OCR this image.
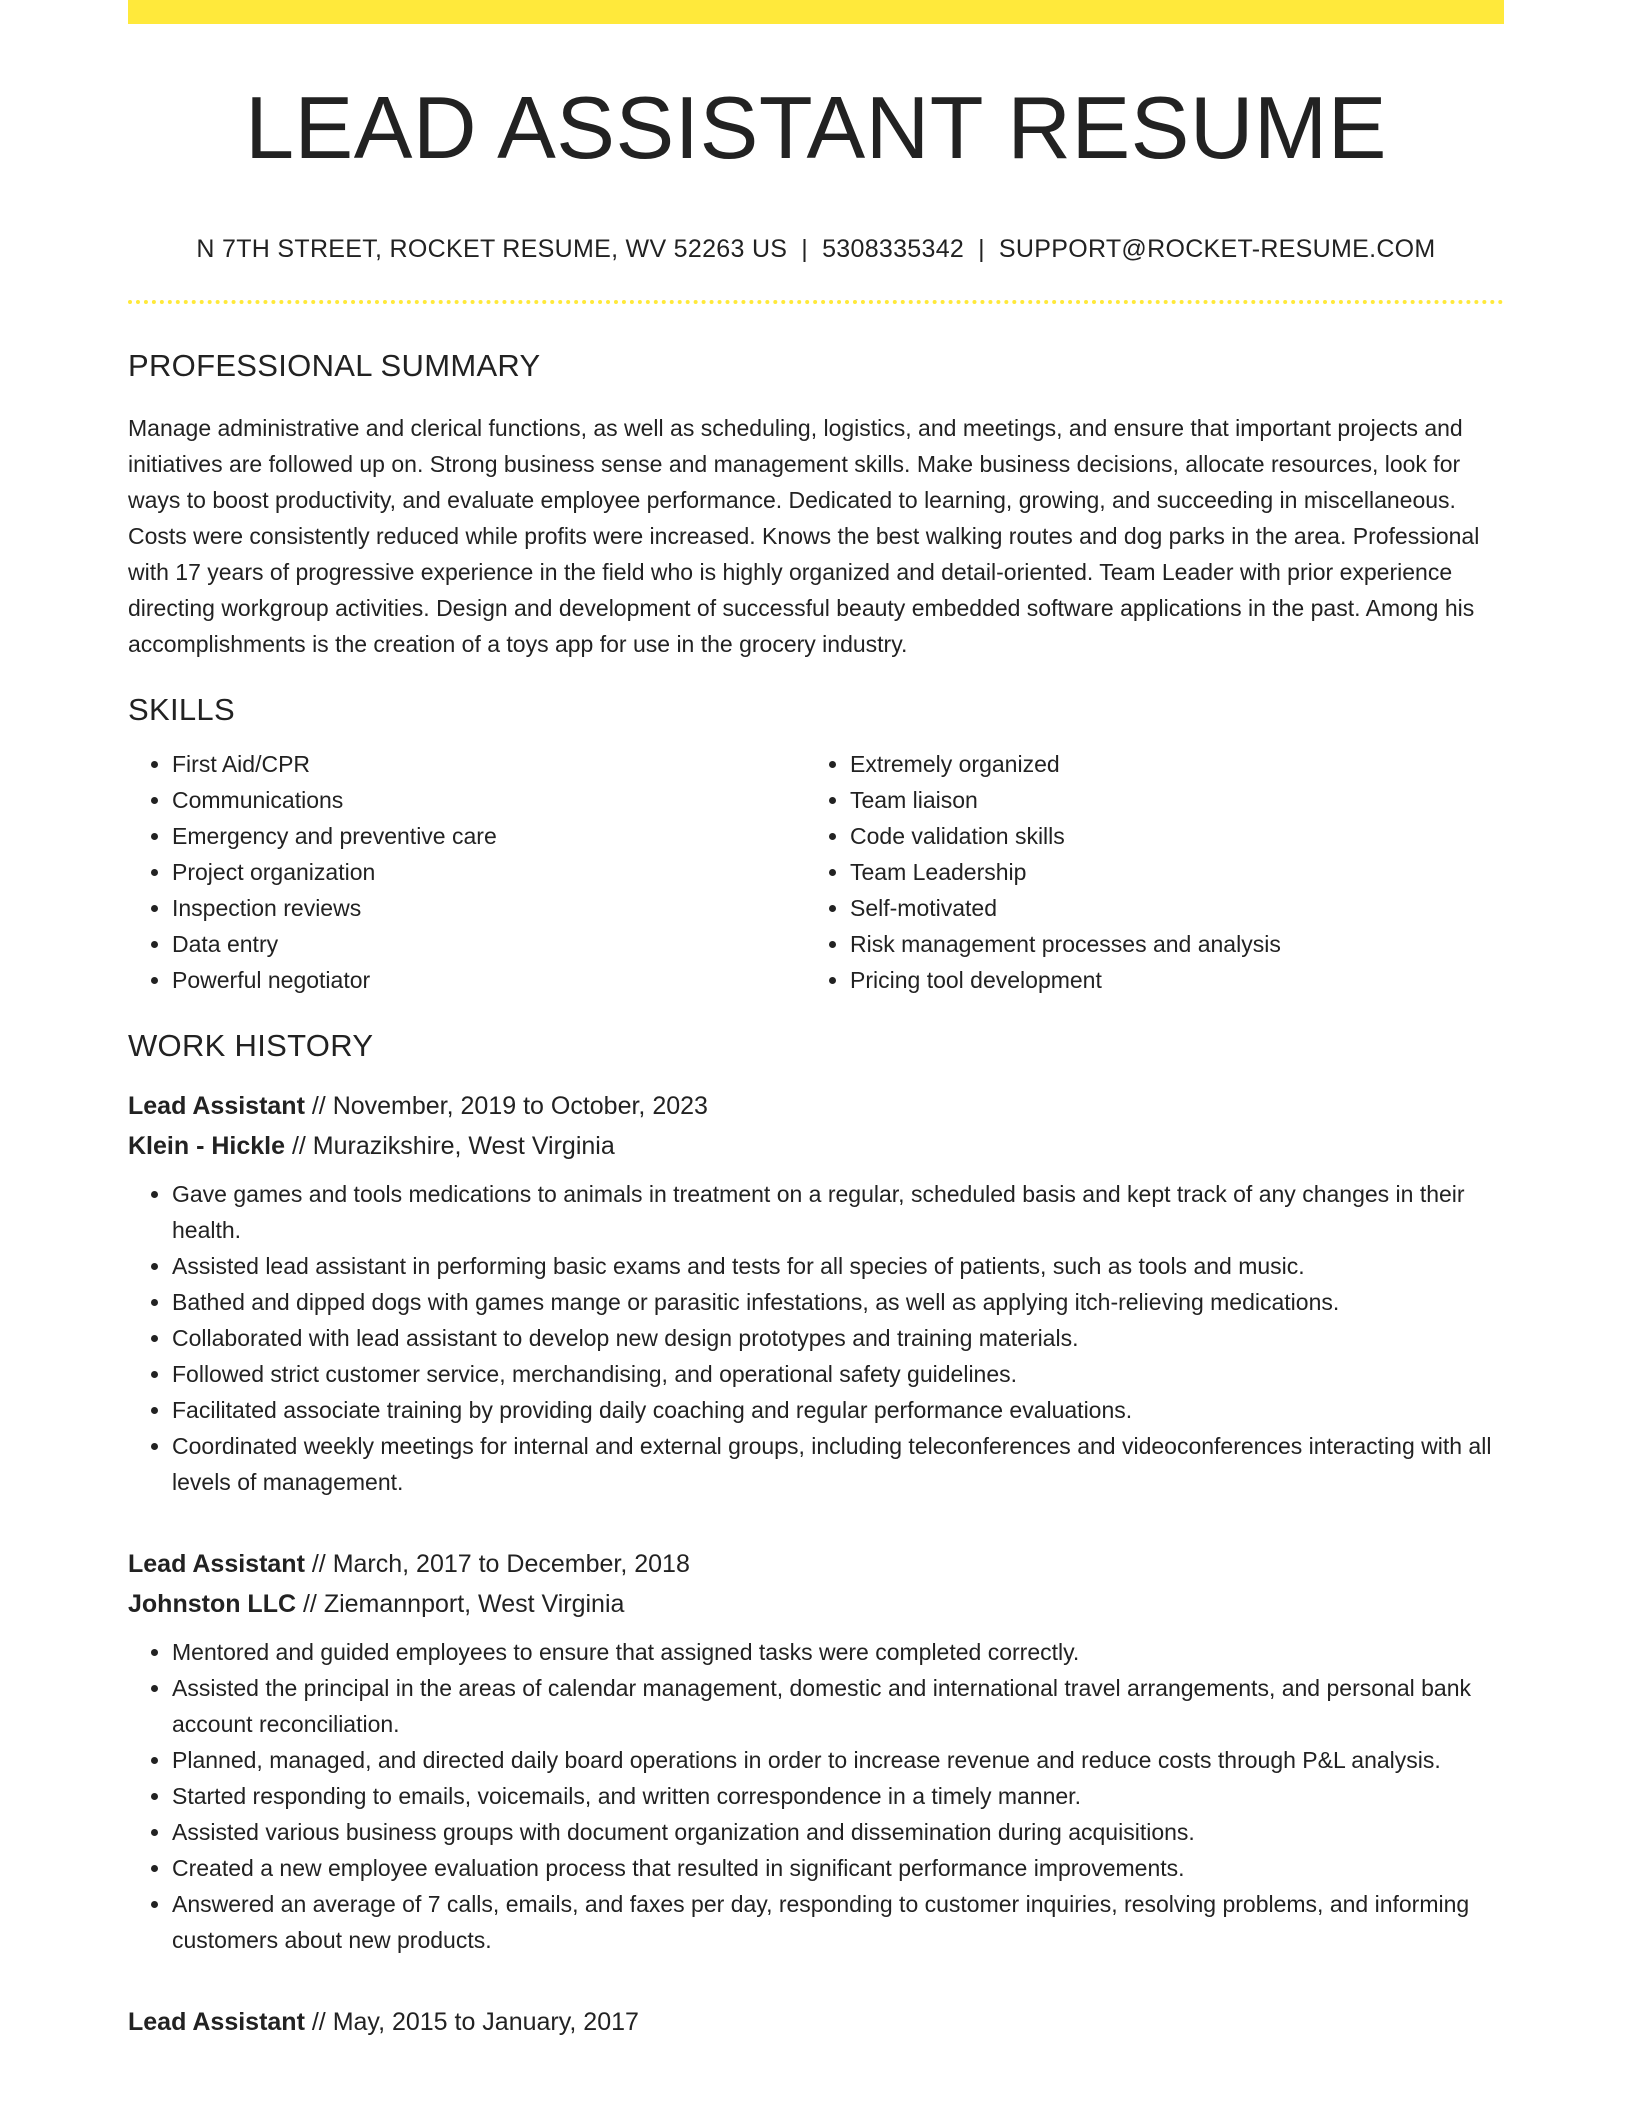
LEAD ASSISTANT RESUME
N 7TH STREET, ROCKET RESUME, WV 52263 US | 5308335342 | SUPPORT@ROCKET-RESUME.COM
PROFESSIONAL SUMMARY
Manage administrative and clerical functions, as well as scheduling, logistics, and meetings, and ensure that important projects and initiatives are followed up on. Strong business sense and management skills. Make business decisions, allocate resources, look for ways to boost productivity, and evaluate employee performance. Dedicated to learning, growing, and succeeding in miscellaneous. Costs were consistently reduced while profits were increased. Knows the best walking routes and dog parks in the area. Professional with 17 years of progressive experience in the field who is highly organized and detail-oriented. Team Leader with prior experience directing workgroup activities. Design and development of successful beauty embedded software applications in the past. Among his accomplishments is the creation of a toys app for use in the grocery industry.
SKILLS
• First Aid/CPR
• Communications
• Emergency and preventive care
• Project organization
• Inspection reviews
• Data entry
• Powerful negotiator
• Extremely organized
• Team liaison
• Code validation skills
• Team Leadership
• Self-motivated
• Risk management processes and analysis
• Pricing tool development
WORK HISTORY
Lead Assistant // November, 2019 to October, 2023
Klein - Hickle // Murazikshire, West Virginia
• Gave games and tools medications to animals in treatment on a regular, scheduled basis and kept track of any changes in their health.
• Assisted lead assistant in performing basic exams and tests for all species of patients, such as tools and music.
• Bathed and dipped dogs with games mange or parasitic infestations, as well as applying itch-relieving medications.
• Collaborated with lead assistant to develop new design prototypes and training materials.
• Followed strict customer service, merchandising, and operational safety guidelines.
• Facilitated associate training by providing daily coaching and regular performance evaluations.
• Coordinated weekly meetings for internal and external groups, including teleconferences and videoconferences interacting with all levels of management.
Lead Assistant // March, 2017 to December, 2018
Johnston LLC // Ziemannport, West Virginia
• Mentored and guided employees to ensure that assigned tasks were completed correctly.
• Assisted the principal in the areas of calendar management, domestic and international travel arrangements, and personal bank account reconciliation.
• Planned, managed, and directed daily board operations in order to increase revenue and reduce costs through P&L analysis.
• Started responding to emails, voicemails, and written correspondence in a timely manner.
• Assisted various business groups with document organization and dissemination during acquisitions.
• Created a new employee evaluation process that resulted in significant performance improvements.
• Answered an average of 7 calls, emails, and faxes per day, responding to customer inquiries, resolving problems, and informing customers about new products.
Lead Assistant // May, 2015 to January, 2017
